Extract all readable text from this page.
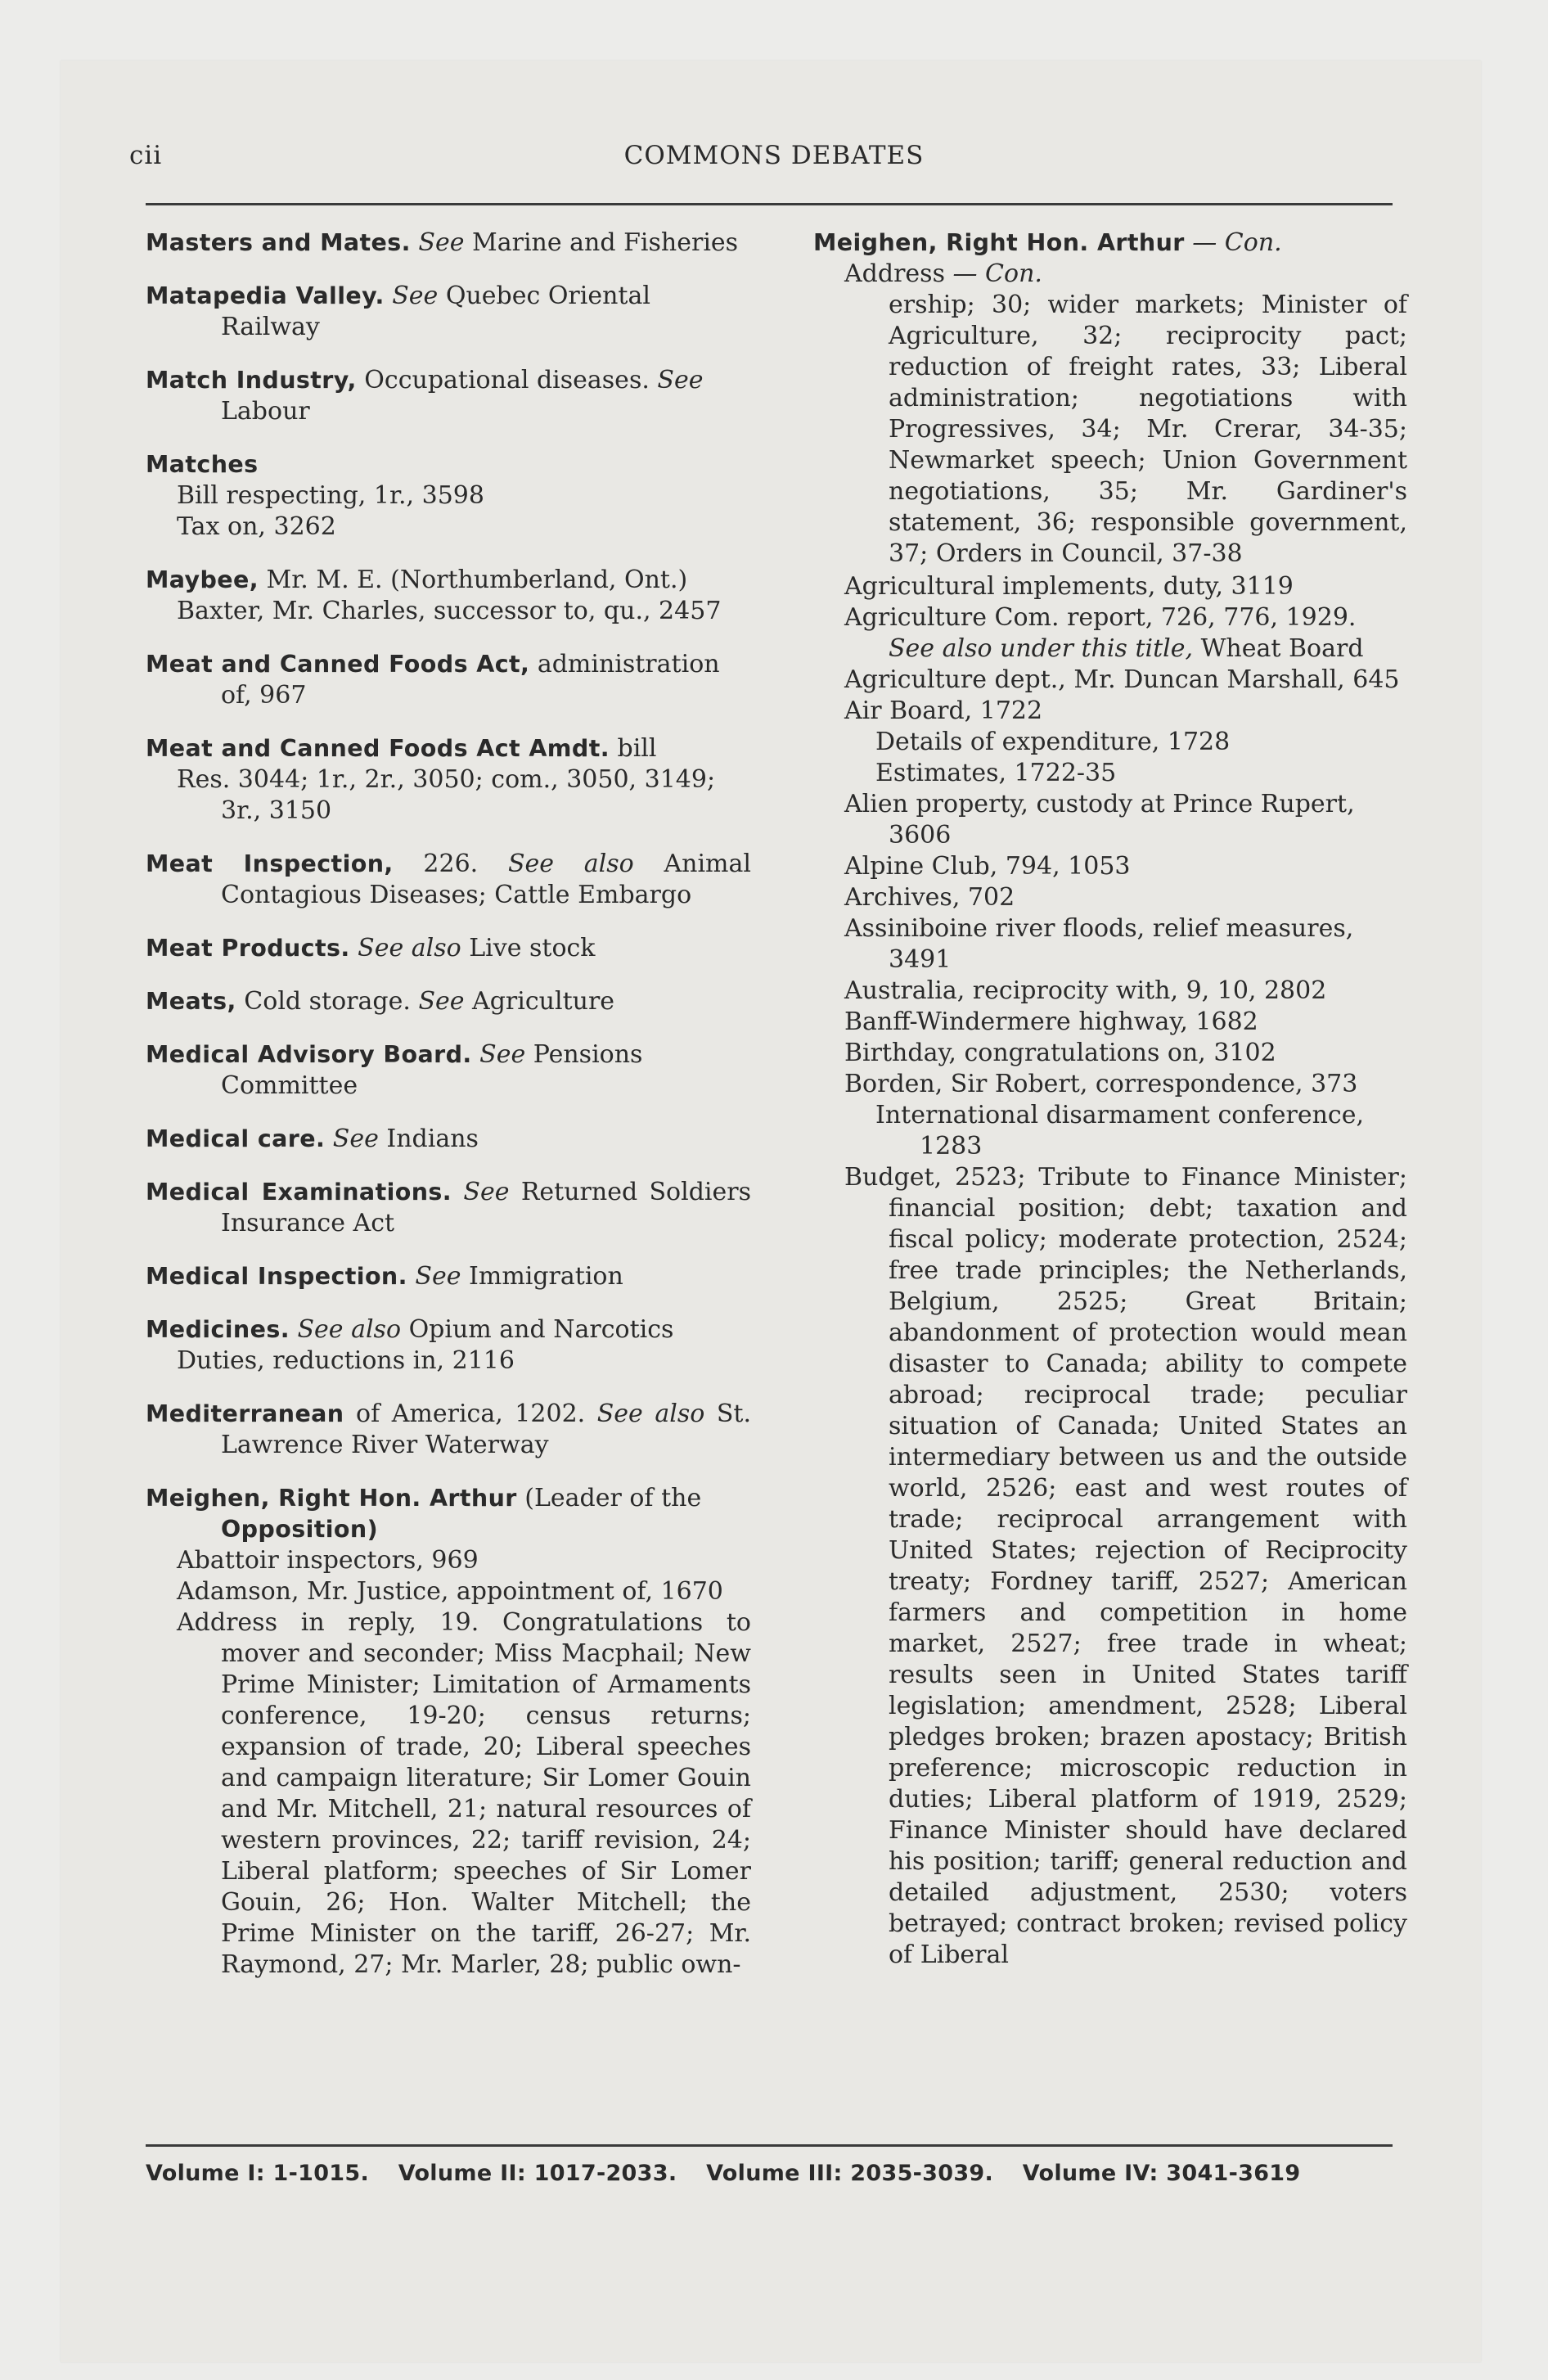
cii	COMMONS DEBATES
Masters and Mates. See Marine and Fisheries
Matapedia Valley. See Quebec Oriental Railway
Match Industry, Occupational diseases. See Labour
Matches
Bill respecting, 1r., 3598
Tax on, 3262
Maybee, Mr. M. E. (Northumberland, Ont.)
Baxter, Mr. Charles, successor to, qu., 2457
Meat and Canned Foods Act, administration of, 967
Meat and Canned Foods Act Amdt. bill
Res. 3044; 1r., 2r., 3050; com., 3050, 3149; 3r., 3150
Meat Inspection, 226. See also Animal Contagious Diseases; Cattle Embargo
Meat Products. See also Live stock
Meats, Cold storage. See Agriculture
Medical Advisory Board. See Pensions Committee
Medical care. See Indians
Medical Examinations. See Returned Soldiers Insurance Act
Medical Inspection. See Immigration
Medicines. See also Opium and Narcotics
Duties, reductions in, 2116
Mediterranean of America, 1202. See also St. Lawrence River Waterway
Meighen, Right Hon. Arthur (Leader of the Opposition)
Abattoir inspectors, 969
Adamson, Mr. Justice, appointment of, 1670
Address in reply, 19. Congratulations to mover and seconder; Miss Macphail; New Prime Minister; Limitation of Armaments conference, 19-20; census returns; expansion of trade, 20; Liberal speeches and campaign literature; Sir Lomer Gouin and Mr. Mitchell, 21; natural resources of western provinces, 22; tariff revision, 24; Liberal platform; speeches of Sir Lomer Gouin, 26; Hon. Walter Mitchell; the Prime Minister on the tariff, 26-27; Mr. Raymond, 27; Mr. Marler, 28; public own-
Meighen, Right Hon. Arthur — Con.
Address — Con.
ership; 30; wider markets; Minister of Agriculture, 32; reciprocity pact; reduction of freight rates, 33; Liberal administration; negotiations with Progressives, 34; Mr. Crerar, 34-35; Newmarket speech; Union Government negotiations, 35; Mr. Gardiner's statement, 36; responsible government, 37; Orders in Council, 37-38
Agricultural implements, duty, 3119
Agriculture Com. report, 726, 776, 1929.
See also under this title, Wheat Board
Agriculture dept., Mr. Duncan Marshall, 645
Air Board, 1722
Details of expenditure, 1728
Estimates, 1722-35
Alien property, custody at Prince Rupert, 3606
Alpine Club, 794, 1053
Archives, 702
Assiniboine river floods, relief measures, 3491
Australia, reciprocity with, 9, 10, 2802
Banff-Windermere highway, 1682
Birthday, congratulations on, 3102
Borden, Sir Robert, correspondence, 373
International disarmament conference, 1283
Budget, 2523; Tribute to Finance Minister; financial position; debt; taxation and fiscal policy; moderate protection, 2524; free trade principles; the Netherlands, Belgium, 2525; Great Britain; abandonment of protection would mean disaster to Canada; ability to compete abroad; reciprocal trade; peculiar situation of Canada; United States an intermediary between us and the outside world, 2526; east and west routes of trade; reciprocal arrangement with United States; rejection of Reciprocity treaty; Fordney tariff, 2527; American farmers and competition in home market, 2527; free trade in wheat; results seen in United States tariff legislation; amendment, 2528; Liberal pledges broken; brazen apostacy; British preference; microscopic reduction in duties; Liberal platform of 1919, 2529; Finance Minister should have declared his position; tariff; general reduction and detailed adjustment, 2530; voters betrayed; contract broken; revised policy of Liberal
Volume I: 1-1015. Volume II: 1017-2033. Volume III: 2035-3039. Volume IV: 3041-3619
